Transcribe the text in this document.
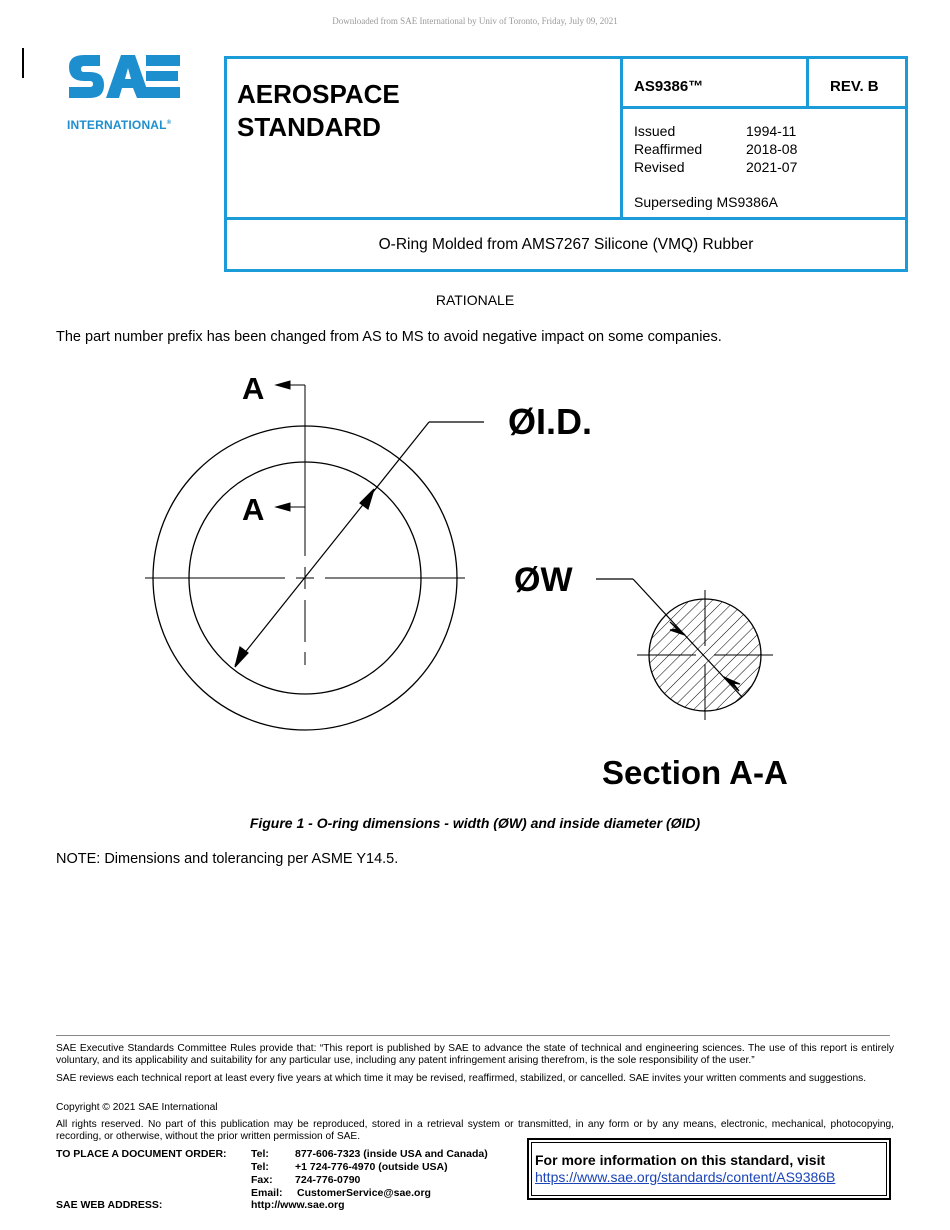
Downloaded from SAE International by Univ of Toronto, Friday, July 09, 2021
INTERNATIONAL®
AEROSPACE
STANDARD
AS9386™	REV. B
Issued	1994-11
Reaffirmed	2018-08
Revised	2021-07
Superseding MS9386A
O-Ring Molded from AMS7267 Silicone (VMQ) Rubber
RATIONALE
The part number prefix has been changed from AS to MS to avoid negative impact on some companies.
A
A
ØI.D.
ØW
Section A-A
Figure 1 - O-ring dimensions - width (ØW) and inside diameter (ØID)
NOTE: Dimensions and tolerancing per ASME Y14.5.
SAE Executive Standards Committee Rules provide that: “This report is published by SAE to advance the state of technical and engineering sciences. The use of this report is entirely voluntary, and its applicability and suitability for any particular use, including any patent infringement arising therefrom, is the sole responsibility of the user.”
SAE reviews each technical report at least every five years at which time it may be revised, reaffirmed, stabilized, or cancelled. SAE invites your written comments and suggestions.
Copyright © 2021 SAE International
All rights reserved. No part of this publication may be reproduced, stored in a retrieval system or transmitted, in any form or by any means, electronic, mechanical, photocopying, recording, or otherwise, without the prior written permission of SAE.
TO PLACE A DOCUMENT ORDER: Tel: 877-606-7323 (inside USA and Canada)
Tel: +1 724-776-4970 (outside USA)
Fax: 724-776-0790
Email: CustomerService@sae.org
SAE WEB ADDRESS:	http://www.sae.org
For more information on this standard, visit
https://www.sae.org/standards/content/AS9386B
